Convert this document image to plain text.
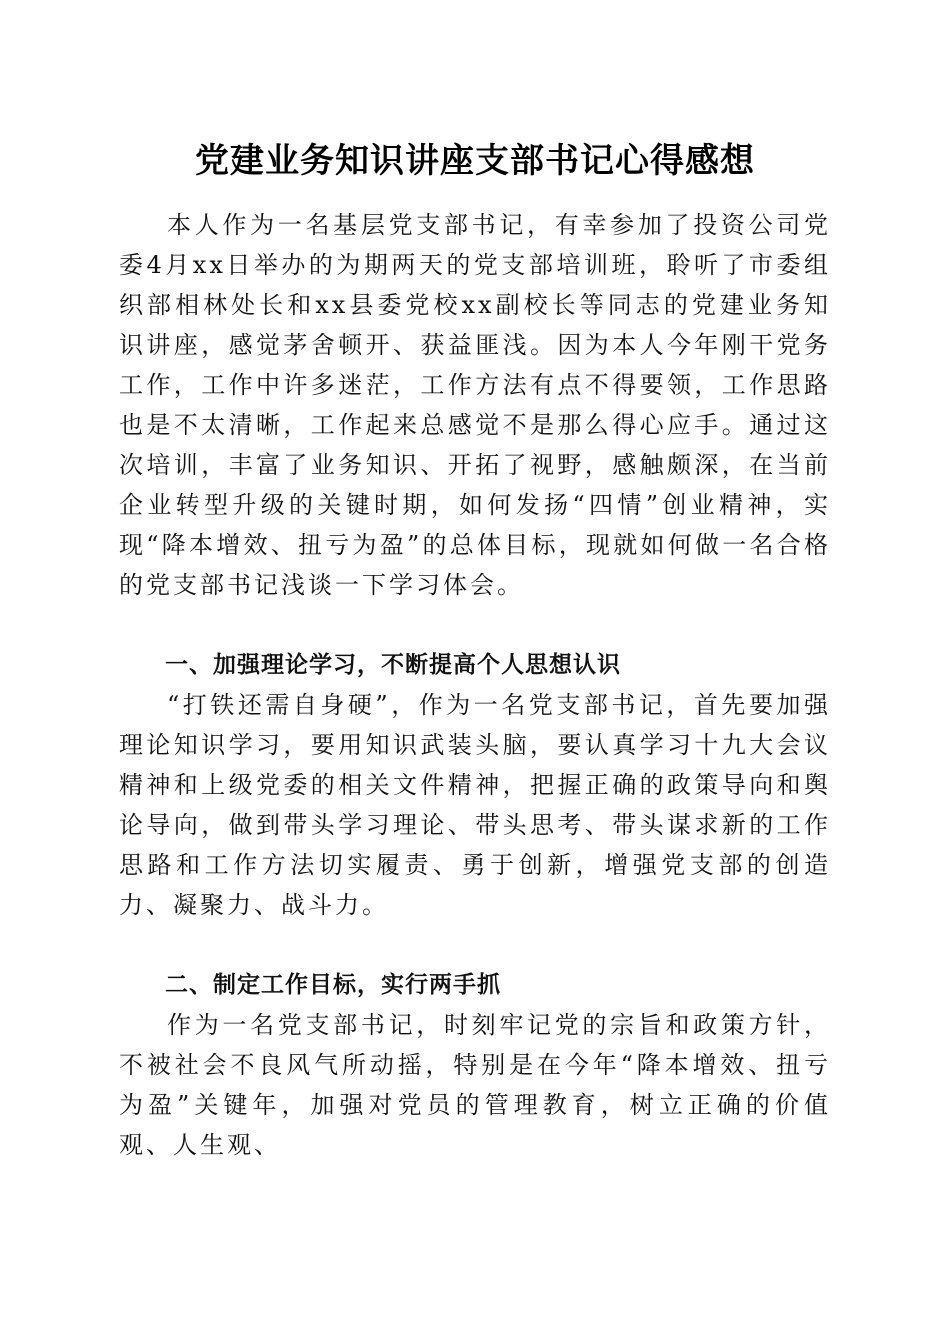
党建业务知识讲座支部书记心得感想

本人作为一名基层党支部书记，有幸参加了投资公司党委4月xx日举办的为期两天的党支部培训班，聆听了市委组织部相林处长和xx县委党校xx副校长等同志的党建业务知识讲座，感觉茅舍顿开、获益匪浅。因为本人今年刚干党务工作，工作中许多迷茫，工作方法有点不得要领，工作思路也是不太清晰，工作起来总感觉不是那么得心应手。通过这次培训，丰富了业务知识、开拓了视野，感触颇深，在当前企业转型升级的关键时期，如何发扬“四情”创业精神，实现“降本增效、扭亏为盈”的总体目标，现就如何做一名合格的党支部书记浅谈一下学习体会。

一、加强理论学习，不断提高个人思想认识

“打铁还需自身硬”，作为一名党支部书记，首先要加强理论知识学习，要用知识武装头脑，要认真学习十九大会议精神和上级党委的相关文件精神，把握正确的政策导向和舆论导向，做到带头学习理论、带头思考、带头谋求新的工作思路和工作方法切实履责、勇于创新，增强党支部的创造力、凝聚力、战斗力。

二、制定工作目标，实行两手抓

作为一名党支部书记，时刻牢记党的宗旨和政策方针，不被社会不良风气所动摇，特别是在今年“降本增效、扭亏为盈”关键年，加强对党员的管理教育，树立正确的价值观、人生观、
